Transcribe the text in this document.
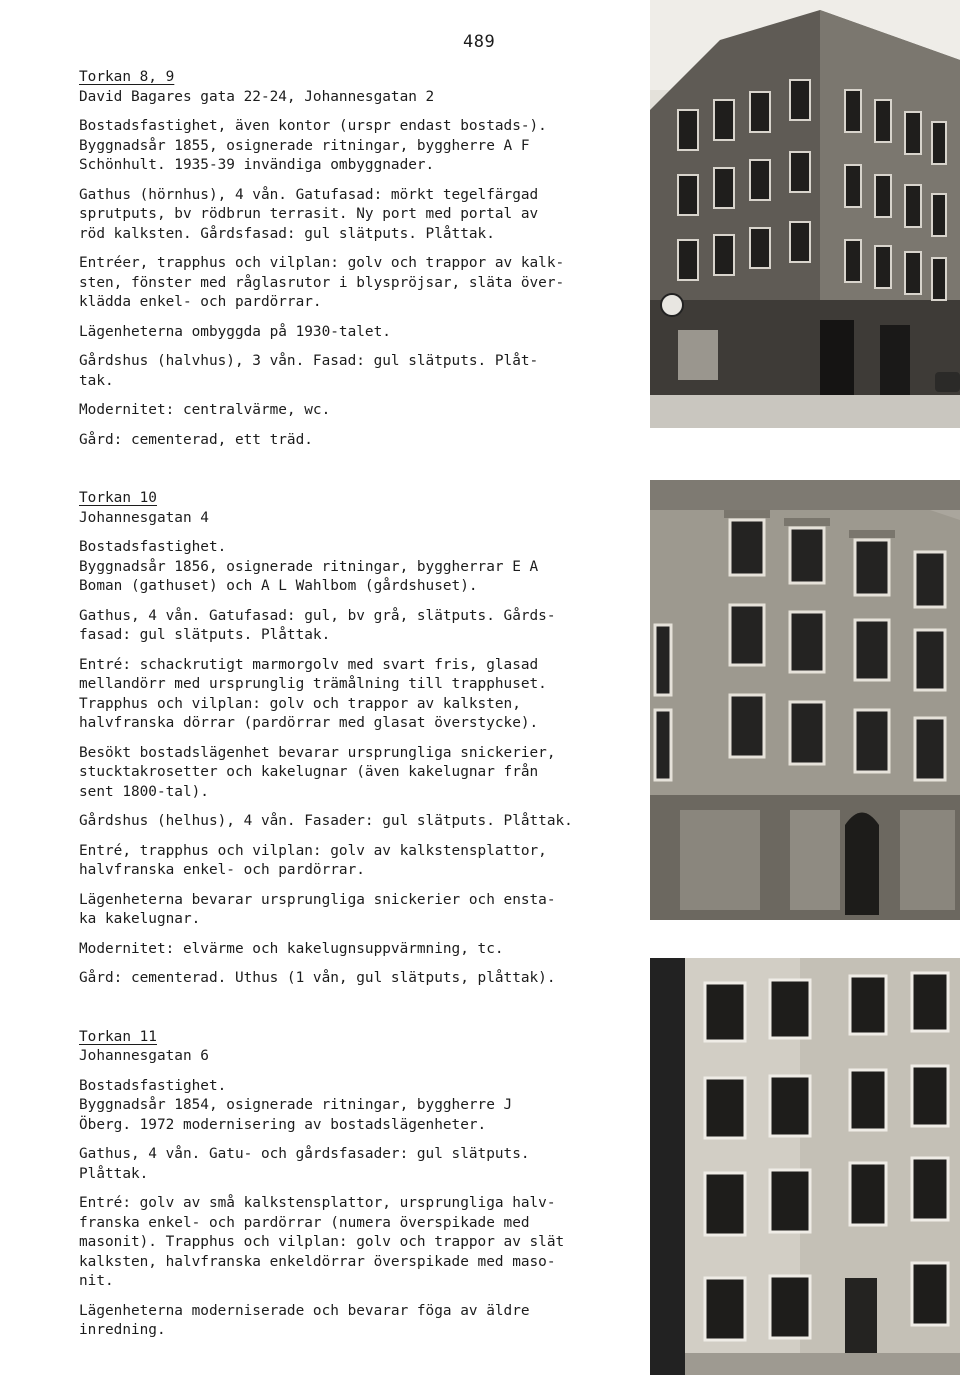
489
Torkan 8, 9
David Bagares gata 22-24, Johannesgatan 2

Bostadsfastighet, även kontor (urspr endast bostads-).
Byggnadsår 1855, osignerade ritningar, byggherre A F
Schönhult. 1935-39 invändiga ombyggnader.

Gathus (hörnhus), 4 vån. Gatufasad: mörkt tegelfärgad
sprutputs, bv rödbrun terrasit. Ny port med portal av
röd kalksten. Gårdsfasad: gul slätputs. Plåttak.

Entréer, trapphus och vilplan: golv och trappor av kalk-
sten, fönster med råglasrutor i blyspröjsar, släta över-
klädda enkel- och pardörrar.

Lägenheterna ombyggda på 1930-talet.

Gårdshus (halvhus), 3 vån. Fasad: gul slätputs. Plåt-
tak.

Modernitet: centralvärme, wc.

Gård: cementerad, ett träd.

Torkan 10
Johannesgatan 4

Bostadsfastighet.
Byggnadsår 1856, osignerade ritningar, byggherrar E A
Boman (gathuset) och A L Wahlbom (gårdshuset).

Gathus, 4 vån. Gatufasad: gul, bv grå, slätputs. Gårds-
fasad: gul slätputs. Plåttak.

Entré: schackrutigt marmorgolv med svart fris, glasad
mellandörr med ursprunglig trämålning till trapphuset.
Trapphus och vilplan: golv och trappor av kalksten,
halvfranska dörrar (pardörrar med glasat överstycke).

Besökt bostadslägenhet bevarar ursprungliga snickerier,
stucktakrosetter och kakelugnar (även kakelugnar från
sent 1800-tal).

Gårdshus (helhus), 4 vån. Fasader: gul slätputs. Plåttak.

Entré, trapphus och vilplan: golv av kalkstensplattor,
halvfranska enkel- och pardörrar.

Lägenheterna bevarar ursprungliga snickerier och ensta-
ka kakelugnar.

Modernitet: elvärme och kakelugnsuppvärmning, tc.

Gård: cementerad. Uthus (1 vån, gul slätputs, plåttak).

Torkan 11
Johannesgatan 6

Bostadsfastighet.
Byggnadsår 1854, osignerade ritningar, byggherre J
Öberg. 1972 modernisering av bostadslägenheter.

Gathus, 4 vån. Gatu- och gårdsfasader: gul slätputs.
Plåttak.

Entré: golv av små kalkstensplattor, ursprungliga halv-
franska enkel- och pardörrar (numera överspikade med
masonit). Trapphus och vilplan: golv och trappor av slät
kalksten, halvfranska enkeldörrar överspikade med maso-
nit.

Lägenheterna moderniserade och bevarar föga av äldre
inredning.
